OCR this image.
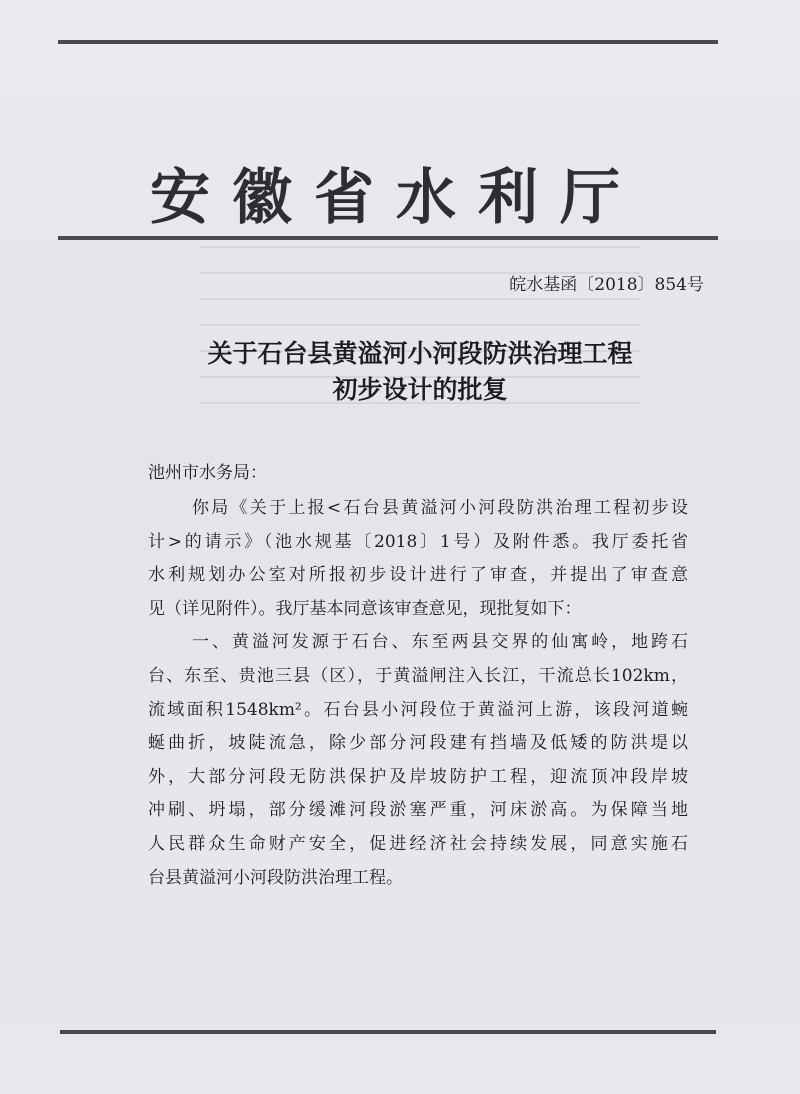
安徽省水利厅
皖水基函〔2018〕854号
关于石台县黄溢河小河段防洪治理工程
初步设计的批复
池州市水务局：

你局《关于上报<石台县黄溢河小河段防洪治理工程初步设
计>的请示》（池水规基〔2018〕1号）及附件悉。我厅委托省
水利规划办公室对所报初步设计进行了审查，并提出了审查意
见（详见附件）。我厅基本同意该审查意见，现批复如下：

一、黄溢河发源于石台、东至两县交界的仙寓岭，地跨石
台、东至、贵池三县（区），于黄溢闸注入长江，干流总长102km，
流域面积1548km²。石台县小河段位于黄溢河上游，该段河道蜿
蜒曲折，坡陡流急，除少部分河段建有挡墙及低矮的防洪堤以
外，大部分河段无防洪保护及岸坡防护工程，迎流顶冲段岸坡
冲刷、坍塌，部分缓滩河段淤塞严重，河床淤高。为保障当地
人民群众生命财产安全，促进经济社会持续发展，同意实施石
台县黄溢河小河段防洪治理工程。
